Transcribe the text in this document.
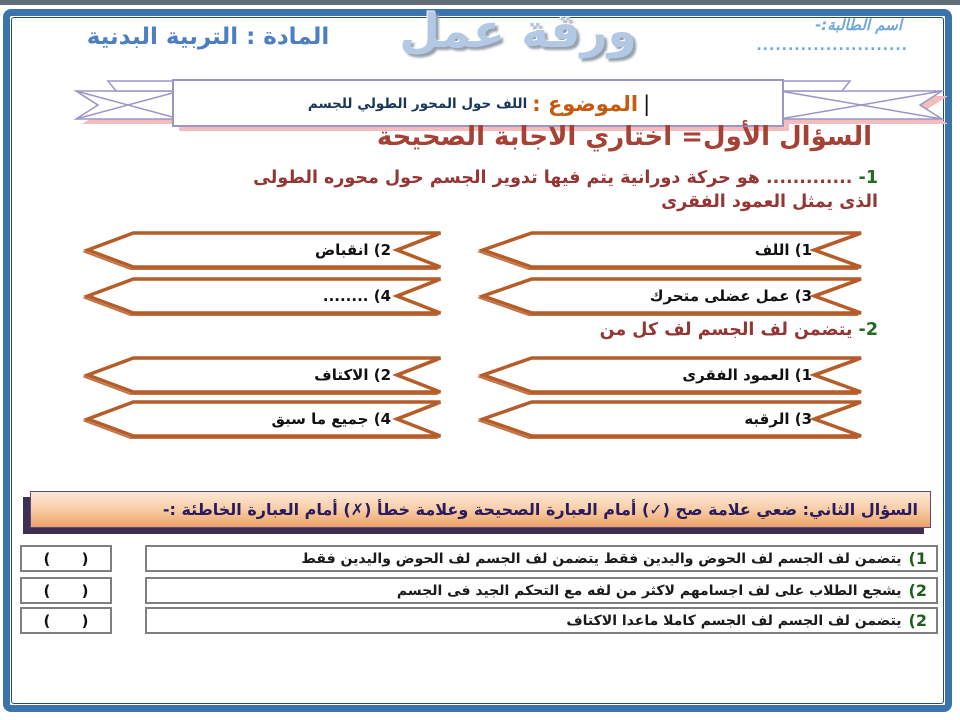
اسم الطالبة:-
........................
ورقة عمل
المادة : التربية البدنية
|
الموضوع :
اللف حول المحور الطولي للجسم
السؤال الأول= اختاري الاجابة الصحيحة
1- ............. هو حركة دورانية يتم فيها تدوير الجسم حول محوره الطولى
الذى يمثل العمود الفقرى
1) اللف
2) انقباض
3) عمل عضلى متحرك
4) ........
2- يتضمن لف الجسم لف كل من
1) العمود الفقرى
2) الاكتاف
3) الرقبه
4) جميع ما سبق
السؤال الثاني: ضعي علامة صح (✓) أمام العبارة الصحيحة وعلامة خطأ (✗) أمام العبارة الخاطئة :-
1)
يتضمن لف الجسم لف الحوض واليدين فقط يتضمن لف الجسم لف الحوض واليدين فقط
(      )
2)
يشجع الطلاب على لف اجسامهم لاكثر من لفه مع التحكم الجيد فى الجسم
(      )
2)
يتضمن لف الجسم لف الجسم كاملا ماعدا الاكتاف
(      )
